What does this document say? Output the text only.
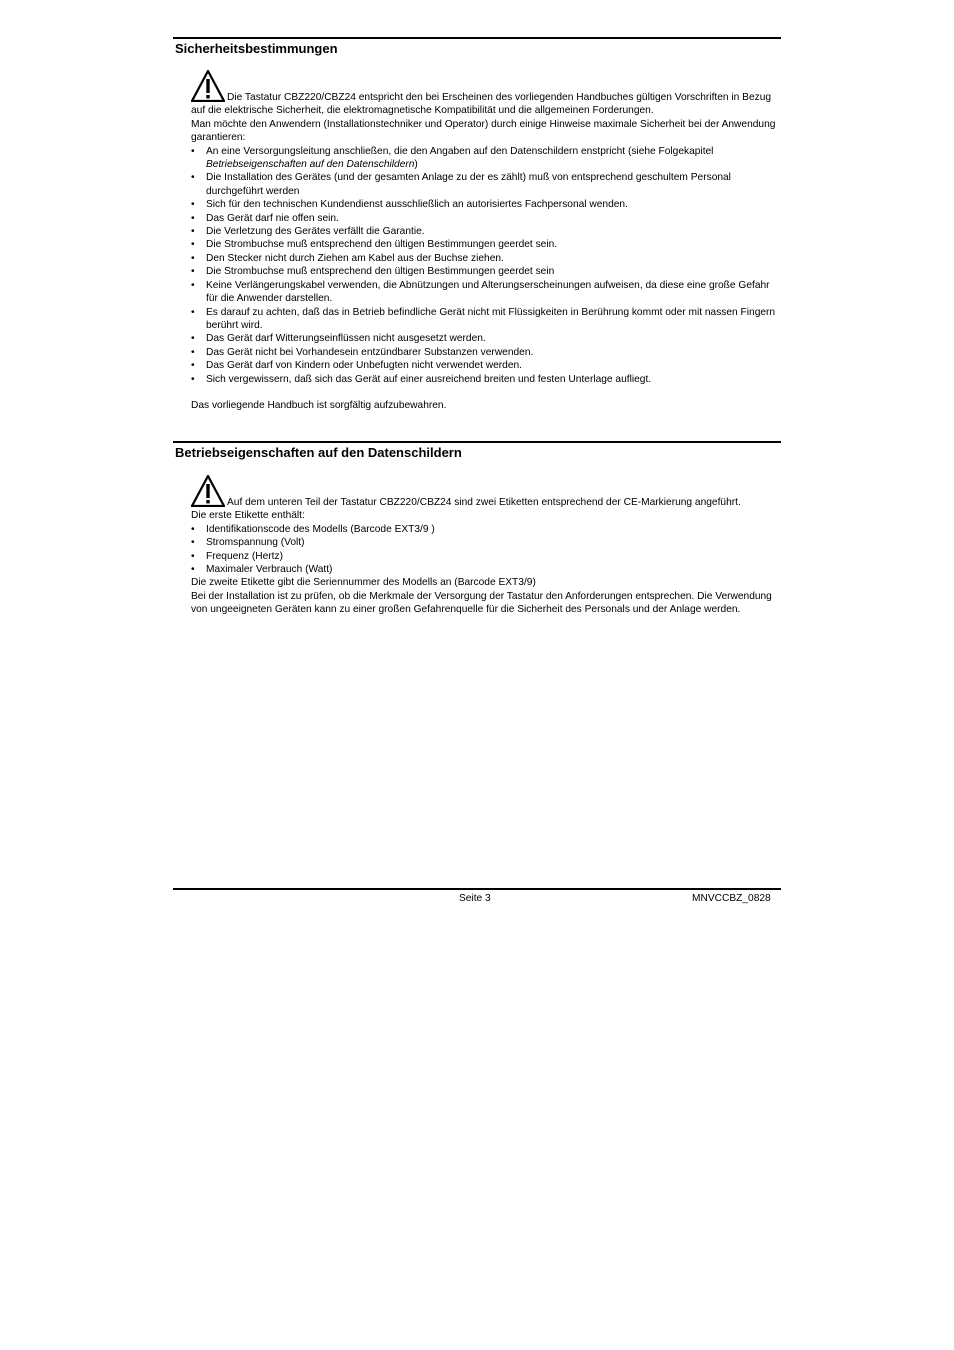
Sicherheitsbestimmungen

Die Tastatur CBZ220/CBZ24 entspricht den bei Erscheinen des vorliegenden Handbuches gültigen Vorschriften in Bezug auf die elektrische Sicherheit, die elektromagnetische Kompatibilität und die allgemeinen Forderungen.

Man möchte den Anwendern (Installationstechniker und Operator) durch einige Hinweise maximale Sicherheit bei der Anwendung garantieren:

• An eine Versorgungsleitung anschließen, die den Angaben auf den Datenschildern enstpricht (siehe Folgekapitel Betriebseigenschaften auf den Datenschildern)
• Die Installation des Gerätes (und der gesamten Anlage zu der es zählt) muß von entsprechend geschultem Personal durchgeführt werden
• Sich für den technischen Kundendienst ausschließlich an autorisiertes Fachpersonal wenden.
• Das Gerät darf nie offen sein.
• Die Verletzung des Gerätes verfällt die Garantie.
• Die Strombuchse muß entsprechend den ültigen Bestimmungen geerdet sein.
• Den Stecker nicht durch Ziehen am Kabel aus der Buchse ziehen.
• Die Strombuchse muß entsprechend den ültigen Bestimmungen geerdet sein
• Keine Verlängerungskabel verwenden, die Abnützungen und Alterungserscheinungen aufweisen, da diese eine große Gefahr für die Anwender darstellen.
• Es darauf zu achten, daß das in Betrieb befindliche Gerät nicht mit Flüssigkeiten in Berührung kommt oder mit nassen Fingern berührt wird.
• Das Gerät darf Witterungseinflüssen nicht ausgesetzt werden.
• Das Gerät nicht bei Vorhandesein entzündbarer Substanzen verwenden.
• Das Gerät darf von Kindern oder Unbefugten nicht verwendet werden.
• Sich vergewissern, daß sich das Gerät auf einer ausreichend breiten und festen Unterlage aufliegt.

Das vorliegende Handbuch ist sorgfältig aufzubewahren.

Betriebseigenschaften auf den Datenschildern

Auf dem unteren Teil der Tastatur CBZ220/CBZ24 sind zwei Etiketten entsprechend der CE-Markierung angeführt.

Die erste Etikette enthält:

• Identifikationscode des Modells (Barcode EXT3/9 )
• Stromspannung (Volt)
• Frequenz (Hertz)
• Maximaler Verbrauch (Watt)

Die zweite Etikette gibt die Seriennummer des Modells an (Barcode EXT3/9)

Bei der Installation ist zu prüfen, ob die Merkmale der Versorgung der Tastatur den Anforderungen entsprechen. Die Verwendung von ungeeigneten Geräten kann zu einer großen Gefahrenquelle für die Sicherheit des Personals und der Anlage werden.

Seite 3	MNVCCBZ_0828
